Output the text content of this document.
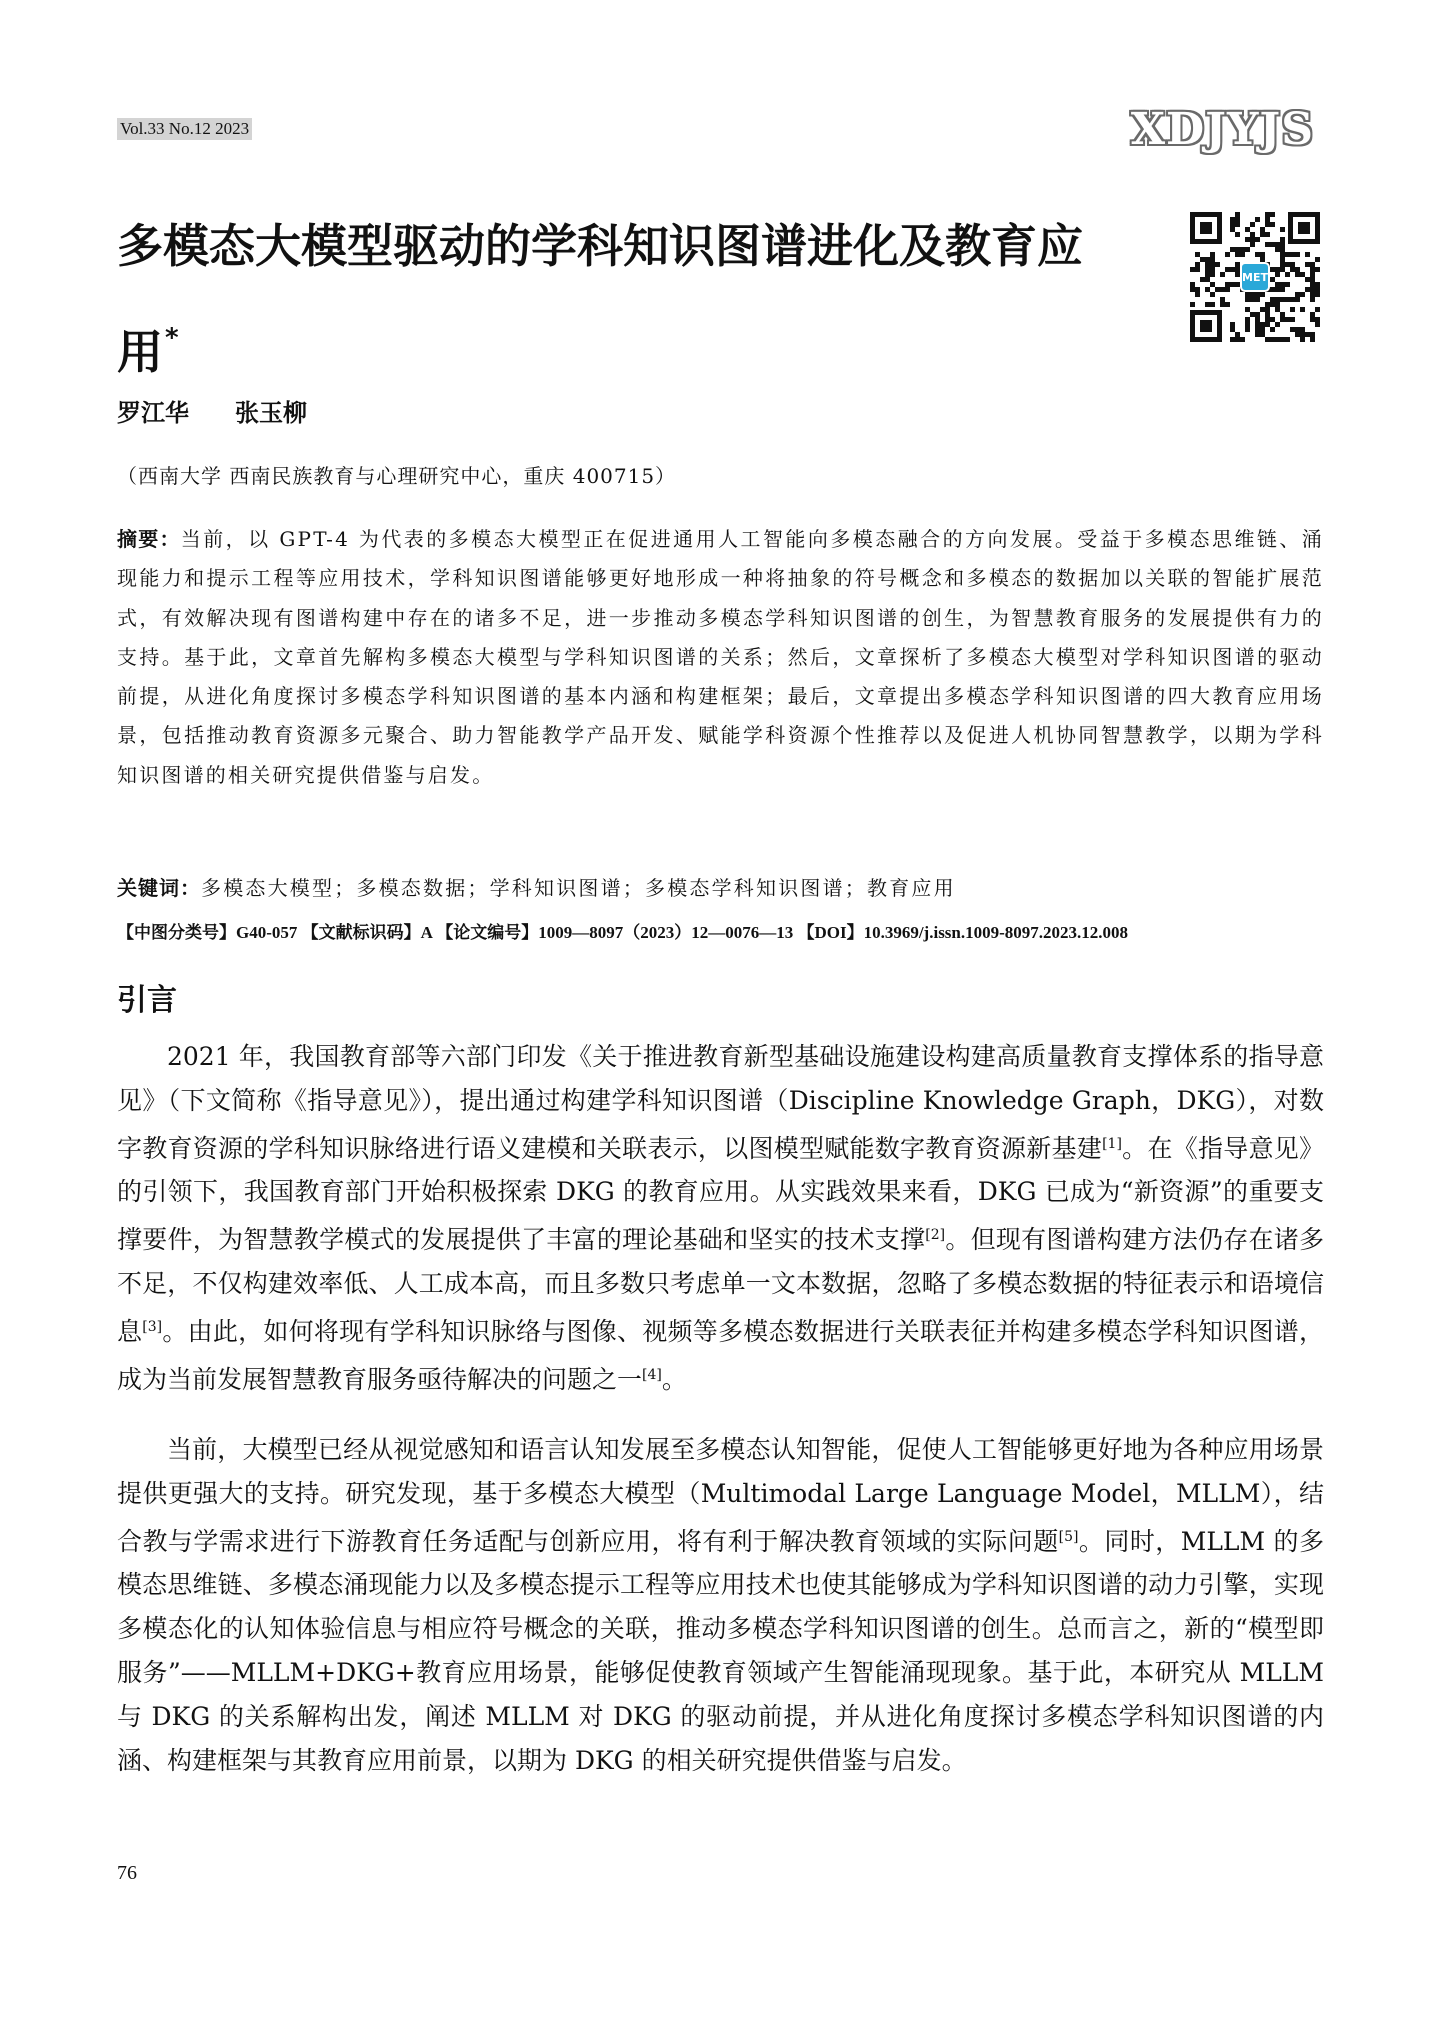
Vol.33 No.12 2023	XDJYJS
多模态大模型驱动的学科知识图谱进化及教育应用*
MET
罗江华 张玉柳
（西南大学 西南民族教育与心理研究中心，重庆 400715）

摘要：当前，以 GPT-4 为代表的多模态大模型正在促进通用人工智能向多模态融合的方向发展。受益于多模态思维链、涌现能力和提示工程等应用技术，学科知识图谱能够更好地形成一种将抽象的符号概念和多模态的数据加以关联的智能扩展范式，有效解决现有图谱构建中存在的诸多不足，进一步推动多模态学科知识图谱的创生，为智慧教育服务的发展提供有力的支持。基于此，文章首先解构多模态大模型与学科知识图谱的关系；然后，文章探析了多模态大模型对学科知识图谱的驱动前提，从进化角度探讨多模态学科知识图谱的基本内涵和构建框架；最后，文章提出多模态学科知识图谱的四大教育应用场景，包括推动教育资源多元聚合、助力智能教学产品开发、赋能学科资源个性推荐以及促进人机协同智慧教学，以期为学科知识图谱的相关研究提供借鉴与启发。

关键词：多模态大模型；多模态数据；学科知识图谱；多模态学科知识图谱；教育应用

【中图分类号】G40-057 【文献标识码】A 【论文编号】1009—8097（2023）12—0076—13 【DOI】10.3969/j.issn.1009-8097.2023.12.008
引言

2021 年，我国教育部等六部门印发《关于推进教育新型基础设施建设构建高质量教育支撑体系的指导意见》（下文简称《指导意见》），提出通过构建学科知识图谱（Discipline Knowledge Graph，DKG），对数字教育资源的学科知识脉络进行语义建模和关联表示，以图模型赋能数字教育资源新基建[1]。在《指导意见》的引领下，我国教育部门开始积极探索 DKG 的教育应用。从实践效果来看，DKG 已成为“新资源”的重要支撑要件，为智慧教学模式的发展提供了丰富的理论基础和坚实的技术支撑[2]。但现有图谱构建方法仍存在诸多不足，不仅构建效率低、人工成本高，而且多数只考虑单一文本数据，忽略了多模态数据的特征表示和语境信息[3]。由此，如何将现有学科知识脉络与图像、视频等多模态数据进行关联表征并构建多模态学科知识图谱，成为当前发展智慧教育服务亟待解决的问题之一[4]。

当前，大模型已经从视觉感知和语言认知发展至多模态认知智能，促使人工智能够更好地为各种应用场景提供更强大的支持。研究发现，基于多模态大模型（Multimodal Large Language Model，MLLM），结合教与学需求进行下游教育任务适配与创新应用，将有利于解决教育领域的实际问题[5]。同时，MLLM 的多模态思维链、多模态涌现能力以及多模态提示工程等应用技术也使其能够成为学科知识图谱的动力引擎，实现多模态化的认知体验信息与相应符号概念的关联，推动多模态学科知识图谱的创生。总而言之，新的“模型即服务”——MLLM+DKG+教育应用场景，能够促使教育领域产生智能涌现现象。基于此，本研究从 MLLM 与 DKG 的关系解构出发，阐述 MLLM 对 DKG 的驱动前提，并从进化角度探讨多模态学科知识图谱的内涵、构建框架与其教育应用前景，以期为 DKG 的相关研究提供借鉴与启发。

76
